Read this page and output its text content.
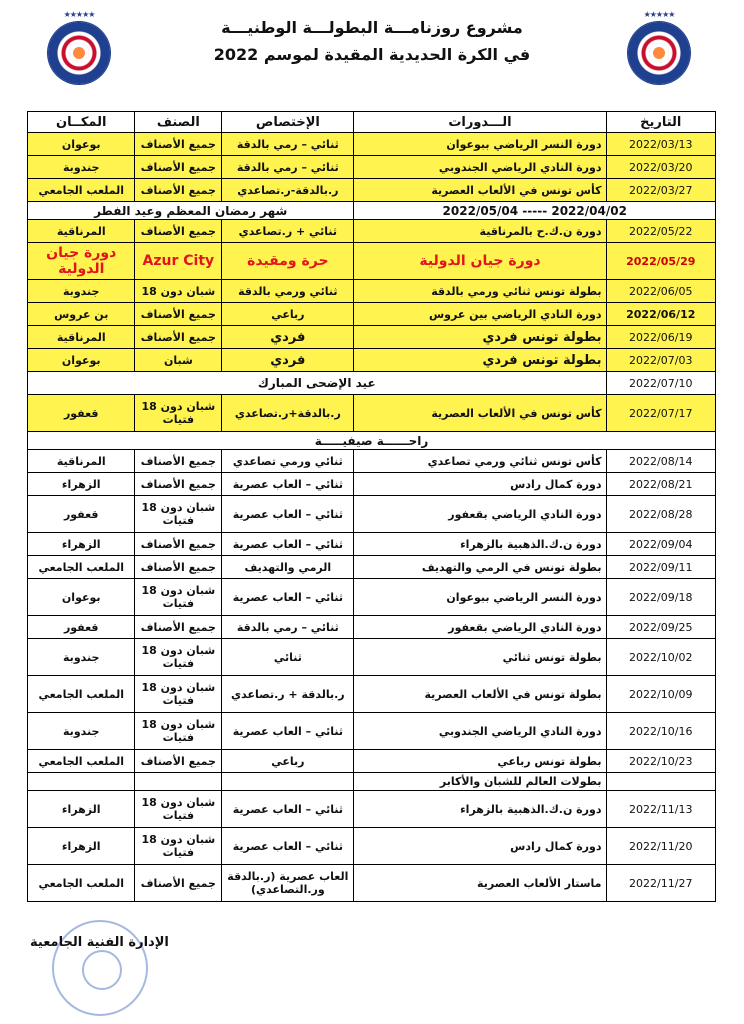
★★★★★	★★★★★
مشروع روزنامـــة البطولـــة الوطنيـــة
في الكرة الحديدية المقيدة لموسم 2022
التاريخ	الـــدورات	الإختصاص	الصنف	المكــان
2022/03/13	دورة النسر الرياضي ببوعوان	ثنائي – رمي بالدقة	جميع الأصناف	بوعوان
2022/03/20	دورة النادي الرياضي الجندوبي	ثنائي – رمي بالدقة	جميع الأصناف	جندوبة
2022/03/27	كأس تونس في الألعاب العصرية	ر.بالدقة-ر.تصاعدي	جميع الأصناف	الملعب الجامعي
2022/05/04 ----- 2022/04/02		شهر رمضان المعظم وعيد الفطر		
2022/05/22	دورة ن.ك.ح بالمرناقية	ثنائي + ر.تصاعدي	جميع الأصناف	المرناقية
2022/05/29	دورة جيان الدولية	حرة ومقيدة	Azur City	دورة جيان الدولية
2022/06/05	بطولة تونس ثنائي ورمي بالدقة	ثنائي ورمي بالدقة	شبان دون 18	جندوبة
2022/06/12	دورة النادي الرياضي بين عروس	رباعي	جميع الأصناف	بن عروس
2022/06/19	بطولة تونس فردي	فردي	جميع الأصناف	المرناقية
2022/07/03	بطولة تونس فردي	فردي	شبان	بوعوان
2022/07/10	عيد الإضحى المبارك			
2022/07/17	كأس تونس في الألعاب العصرية	ر.بالدقة+ر.تصاعدي	شبان دون 18 فتيات	قعفور
راحــــــة صيفيـــــة				
2022/08/14	كأس تونس ثنائي ورمي تصاعدي	ثنائي ورمي تصاعدي	جميع الأصناف	المرناقية
2022/08/21	دورة كمال رادس	ثنائي – العاب عصرية	جميع الأصناف	الزهراء
2022/08/28	دورة النادي الرياضي بقعفور	ثنائي – العاب عصرية	شبان دون 18 فتيات	قعفور
2022/09/04	دورة ن.ك.الذهبية بالزهراء	ثنائي – العاب عصرية	جميع الأصناف	الزهراء
2022/09/11	بطولة تونس في الرمي والتهديف	الرمي والتهديف	جميع الأصناف	الملعب الجامعي
2022/09/18	دورة النسر الرياضي ببوعوان	ثنائي – العاب عصرية	شبان دون 18 فتيات	بوعوان
2022/09/25	دورة النادي الرياضي بقعفور	ثنائي – رمي بالدقة	جميع الأصناف	قعفور
2022/10/02	بطولة تونس ثنائي	ثنائي	شبان دون 18 فتيات	جندوبة
2022/10/09	بطولة تونس في الألعاب العصرية	ر.بالدقة + ر.تصاعدي	شبان دون 18 فتيات	الملعب الجامعي
2022/10/16	دورة النادي الرياضي الجندوبي	ثنائي – العاب عصرية	شبان دون 18 فتيات	جندوبة
2022/10/23	بطولة تونس رباعي	رباعي	جميع الأصناف	الملعب الجامعي
	بطولات العالم للشبان والأكابر			
2022/11/13	دورة ن.ك.الذهبية بالزهراء	ثنائي – العاب عصرية	شبان دون 18 فتيات	الزهراء
2022/11/20	دورة كمال رادس	ثنائي – العاب عصرية	شبان دون 18 فتيات	الزهراء
2022/11/27	ماستار الألعاب العصرية	العاب عصرية (ر.بالدقة ور.التصاعدي)	جميع الأصناف	الملعب الجامعي
الإدارة الفنية الجامعية
